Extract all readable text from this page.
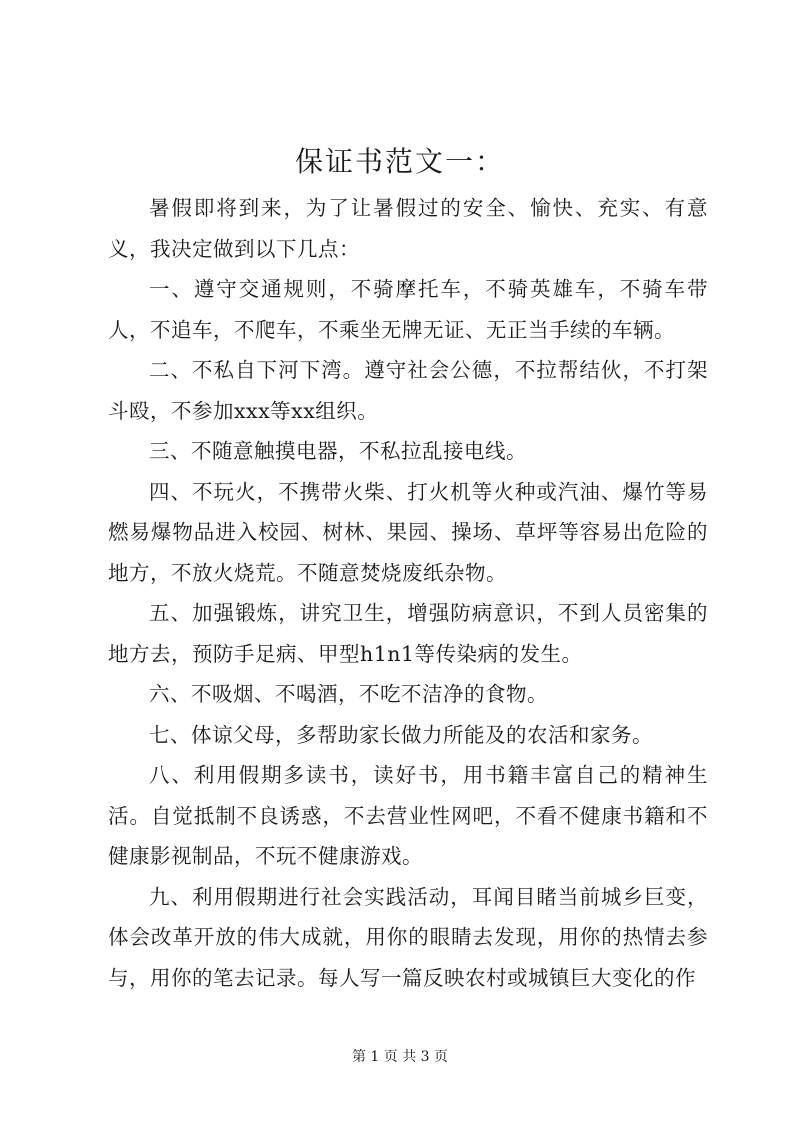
保证书范文一：

暑假即将到来，为了让暑假过的安全、愉快、充实、有意义，我决定做到以下几点：

一、遵守交通规则，不骑摩托车，不骑英雄车，不骑车带人，不追车，不爬车，不乘坐无牌无证、无正当手续的车辆。

二、不私自下河下湾。遵守社会公德，不拉帮结伙，不打架斗殴，不参加xxx等xx组织。

三、不随意触摸电器，不私拉乱接电线。

四、不玩火，不携带火柴、打火机等火种或汽油、爆竹等易燃易爆物品进入校园、树林、果园、操场、草坪等容易出危险的地方，不放火烧荒。不随意焚烧废纸杂物。

五、加强锻炼，讲究卫生，增强防病意识，不到人员密集的地方去，预防手足病、甲型h1n1等传染病的发生。

六、不吸烟、不喝酒，不吃不洁净的食物。

七、体谅父母，多帮助家长做力所能及的农活和家务。

八、利用假期多读书，读好书，用书籍丰富自己的精神生活。自觉抵制不良诱惑，不去营业性网吧，不看不健康书籍和不健康影视制品，不玩不健康游戏。

九、利用假期进行社会实践活动，耳闻目睹当前城乡巨变，体会改革开放的伟大成就，用你的眼睛去发现，用你的热情去参与，用你的笔去记录。每人写一篇反映农村或城镇巨大变化的作

第 1 页 共 3 页
